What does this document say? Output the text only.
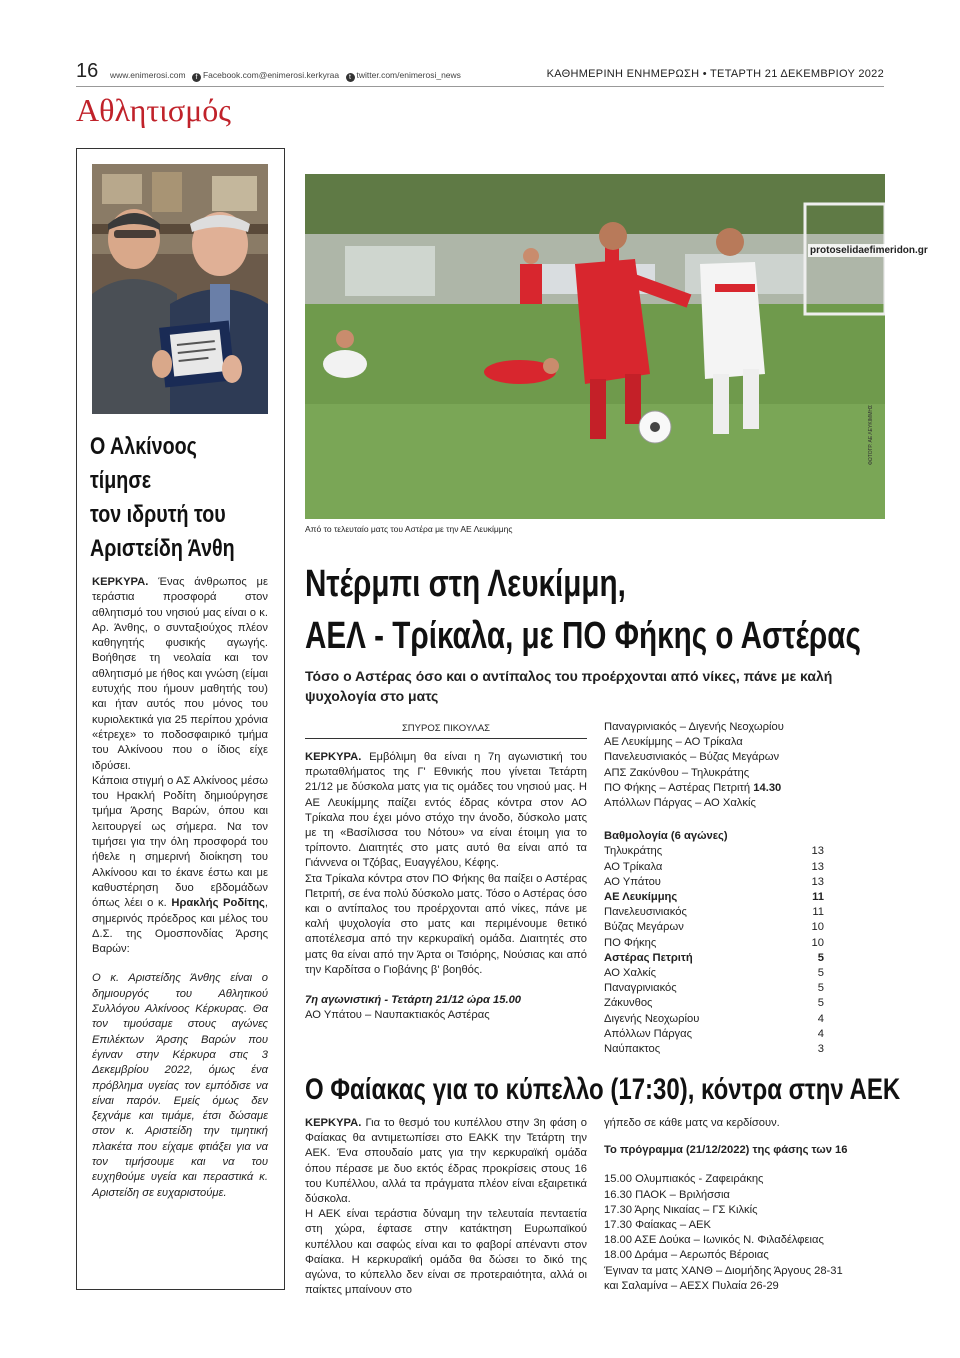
16 www.enimerosi.com f Facebook.com@enimerosi.kerkyraa t twitter.com/enimerosi_news	ΚΑΘΗΜΕΡΙΝΗ ΕΝΗΜΕΡΩΣΗ • ΤΕΤΑΡΤΗ 21 ΔΕΚΕΜΒΡΙΟΥ 2022
Αθλητισμός
Ο Αλκίνοος
τίμησε
τον ιδρυτή του
Αριστείδη Άνθη

ΚΕΡΚΥΡΑ. Ένας άνθρωπος με τεράστια προσφορά στον αθλητισμό του νησιού μας είναι ο κ. Αρ. Άνθης, ο συνταξιούχος πλέον καθηγητής φυσικής αγωγής. Βοήθησε τη νεολαία και τον αθλητισμό με ήθος και γνώση (είμαι ευτυχής που ήμουν μαθητής του) και ήταν αυτός που μόνος του κυριολεκτικά για 25 περίπου χρόνια «έτρεχε» το ποδοσφαιρικό τμήμα του Αλκίνοου που ο ίδιος είχε ιδρύσει.

Κάποια στιγμή ο ΑΣ Αλκίνοος μέσω του Ηρακλή Ροδίτη δημιούργησε τμήμα Άρσης Βαρών, όπου και λειτουργεί ως σήμερα. Να τον τιμήσει για την όλη προσφορά του ήθελε η σημερινή διοίκηση του Αλκίνοου και το έκανε έστω και με καθυστέρηση δυο εβδομάδων όπως λέει ο κ. Ηρακλής Ροδίτης, σημερινός πρόεδρος και μέλος του Δ.Σ. της Ομοσπονδίας Άρσης Βαρών:

Ο κ. Αριστείδης Άνθης είναι ο δημιουργός του Αθλητικού Συλλόγου Αλκίνοος Κέρκυρας. Θα τον τιμούσαμε στους αγώνες Επιλέκτων Άρσης Βαρών που έγιναν στην Κέρκυρα στις 3 Δεκεμβρίου 2022, όμως ένα πρόβλημα υγείας τον εμπόδισε να είναι παρόν. Εμείς όμως δεν ξεχνάμε και τιμάμε, έτσι δώσαμε στον κ. Αριστείδη την τιμητική πλακέτα που είχαμε φτιάξει για να τον τιμήσουμε και να του ευχηθούμε υγεία και περαστικά κ. Αριστείδη σε ευχαριστούμε.

protoselidaefimeridon.gr
ΦΩΤΟΓΡ. ΑΕ ΛΕΥΚΙΜΜΗΣ
Από το τελευταίο ματς του Αστέρα με την ΑΕ Λευκίμμης
Ντέρμπι στη Λευκίμμη,
ΑΕΛ - Τρίκαλα, με ΠΟ Φήκης ο Αστέρας
Τόσο ο Αστέρας όσο και ο αντίπαλος του προέρχονται από νίκες, πάνε με καλή ψυχολογία στο ματς
ΣΠΥΡΟΣ ΠΙΚΟΥΛΑΣ

ΚΕΡΚΥΡΑ. Εμβόλιμη θα είναι η 7η αγωνιστική του πρωταθλήματος της Γ' Εθνικής που γίνεται Τετάρτη 21/12 με δύσκολα ματς για τις ομάδες του νησιού μας. Η ΑΕ Λευκίμμης παίζει εντός έδρας κόντρα στον ΑΟ Τρίκαλα που έχει μόνο στόχο την άνοδο, δύσκολο ματς με τη «Βασίλισσα του Νότου» να είναι έτοιμη για το τρίποντο. Διαιτητές στο ματς αυτό θα είναι από τα Γιάννενα οι Τζόβας, Ευαγγέλου, Κέφης.

Στα Τρίκαλα κόντρα στον ΠΟ Φήκης θα παίξει ο Αστέρας Πετριτή, σε ένα πολύ δύσκολο ματς. Τόσο ο Αστέρας όσο και ο αντίπαλος του προέρχονται από νίκες, πάνε με καλή ψυχολογία στο ματς και περιμένουμε θετικό αποτέλεσμα από την κερκυραϊκή ομάδα. Διαιτητές στο ματς θα είναι από την Άρτα οι Τσιόρης, Νούσιας και από την Καρδίτσα ο Γιοβάνης β' βοηθός.

7η αγωνιστική - Τετάρτη 21/12 ώρα 15.00

ΑΟ Υπάτου – Ναυπακτιακός Αστέρας

Παναγρινιακός – Διγενής Νεοχωρίου

ΑΕ Λευκίμμης – ΑΟ Τρίκαλα

Πανελευσινιακός – Βύζας Μεγάρων

ΑΠΣ Ζακύνθου – Τηλυκράτης

ΠΟ Φήκης – Αστέρας Πετριτή 14.30

Απόλλων Πάργας – ΑΟ Χαλκίς

Βαθμολογία (6 αγώνες)

Τηλυκράτης	13
ΑΟ Τρίκαλα	13
ΑΟ Υπάτου	13
ΑΕ Λευκίμμης	11
Πανελευσινιακός	11
Βύζας Μεγάρων	10
ΠΟ Φήκης	10
Αστέρας Πετριτή	5
ΑΟ Χαλκίς	5
Παναγρινιακός	5
Ζάκυνθος	5
Διγενής Νεοχωρίου	4
Απόλλων Πάργας	4
Ναύπακτος	3
Ο Φαίακας για το κύπελλο (17:30), κόντρα στην ΑΕΚ

ΚΕΡΚΥΡΑ. Για το θεσμό του κυπέλλου στην 3η φάση ο Φαίακας θα αντιμετωπίσει στο ΕΑΚΚ την Τετάρτη την ΑΕΚ. Ένα σπουδαίο ματς για την κερκυραϊκή ομάδα όπου πέρασε με δυο εκτός έδρας προκρίσεις στους 16 του Κυπέλλου, αλλά τα πράγματα πλέον είναι εξαιρετικά δύσκολα.

Η ΑΕΚ είναι τεράστια δύναμη την τελευταία πενταετία στη χώρα, έφτασε στην κατάκτηση Ευρωπαϊκού κυπέλλου και σαφώς είναι και το φαβορί απέναντι στον Φαίακα. Η κερκυραϊκή ομάδα θα δώσει το δικό της αγώνα, το κύπελλο δεν είναι σε προτεραιότητα, αλλά οι παίκτες μπαίνουν στο

γήπεδο σε κάθε ματς να κερδίσουν.

Το πρόγραμμα (21/12/2022) της φάσης των 16

15.00 Ολυμπιακός - Ζαφειράκης

16.30 ΠΑΟΚ – Βριλήσσια

17.30 Άρης Νικαίας – ΓΣ Κιλκίς

17.30 Φαίακας – ΑΕΚ

18.00 ΑΣΕ Δούκα – Ιωνικός Ν. Φιλαδέλφειας

18.00 Δράμα – Αερωπός Βέροιας

Έγιναν τα ματς ΧΑΝΘ – Διομήδης Άργους 28-31

και Σαλαμίνα – ΑΕΣΧ Πυλαία 26-29
